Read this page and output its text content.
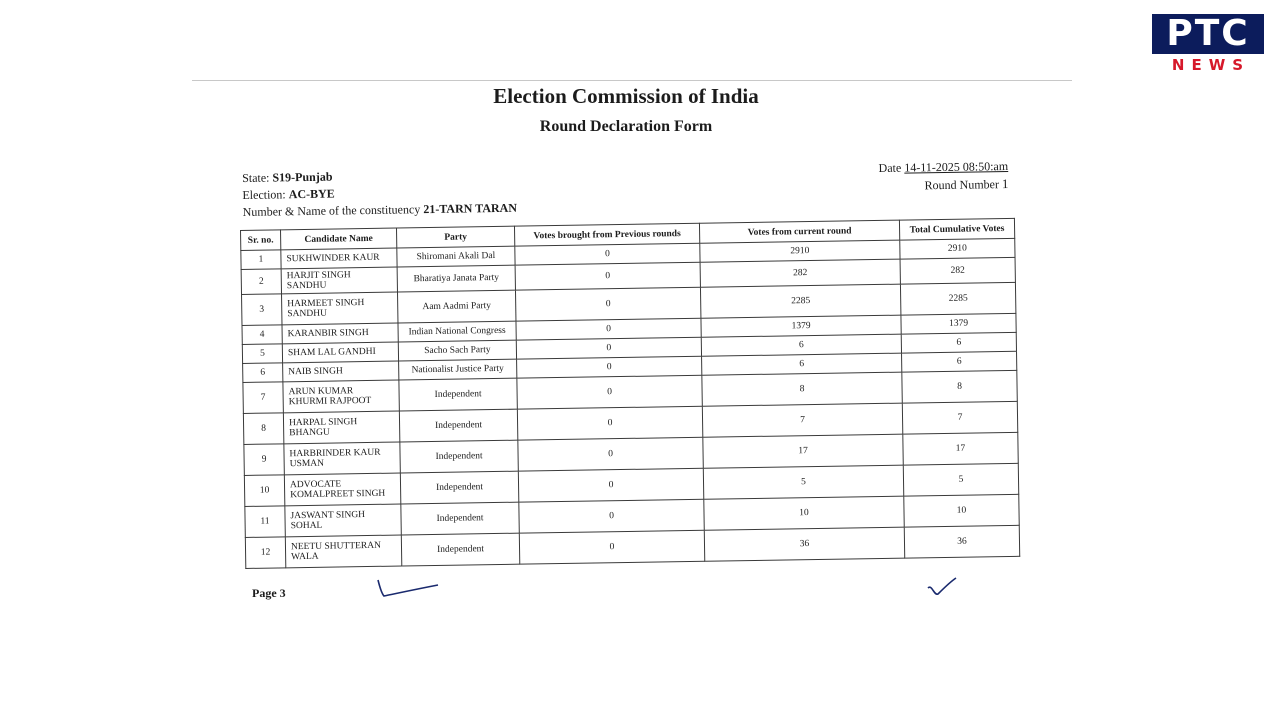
PTC
NEWS
Election Commission of India
Round Declaration Form
State: S19-Punjab
Election: AC-BYE
Number & Name of the constituency 21-TARN TARAN
Date 14-11-2025 08:50:am
Round Number 1
Sr. no.	Candidate Name	Party	Votes brought from Previous rounds	Votes from current round	Total Cumulative Votes
1	SUKHWINDER KAUR	Shiromani Akali Dal	0	2910	2910
2	HARJIT SINGH SANDHU	Bharatiya Janata Party	0	282	282
3	HARMEET SINGH SANDHU	Aam Aadmi Party	0	2285	2285
4	KARANBIR SINGH	Indian National Congress	0	1379	1379
5	SHAM LAL GANDHI	Sacho Sach Party	0	6	6
6	NAIB SINGH	Nationalist Justice Party	0	6	6
7	ARUN KUMAR KHURMI RAJPOOT	Independent	0	8	8
8	HARPAL SINGH BHANGU	Independent	0	7	7
9	HARBRINDER KAUR USMAN	Independent	0	17	17
10	ADVOCATE KOMALPREET SINGH	Independent	0	5	5
11	JASWANT SINGH SOHAL	Independent	0	10	10
12	NEETU SHUTTERAN WALA	Independent	0	36	36
Page 3
